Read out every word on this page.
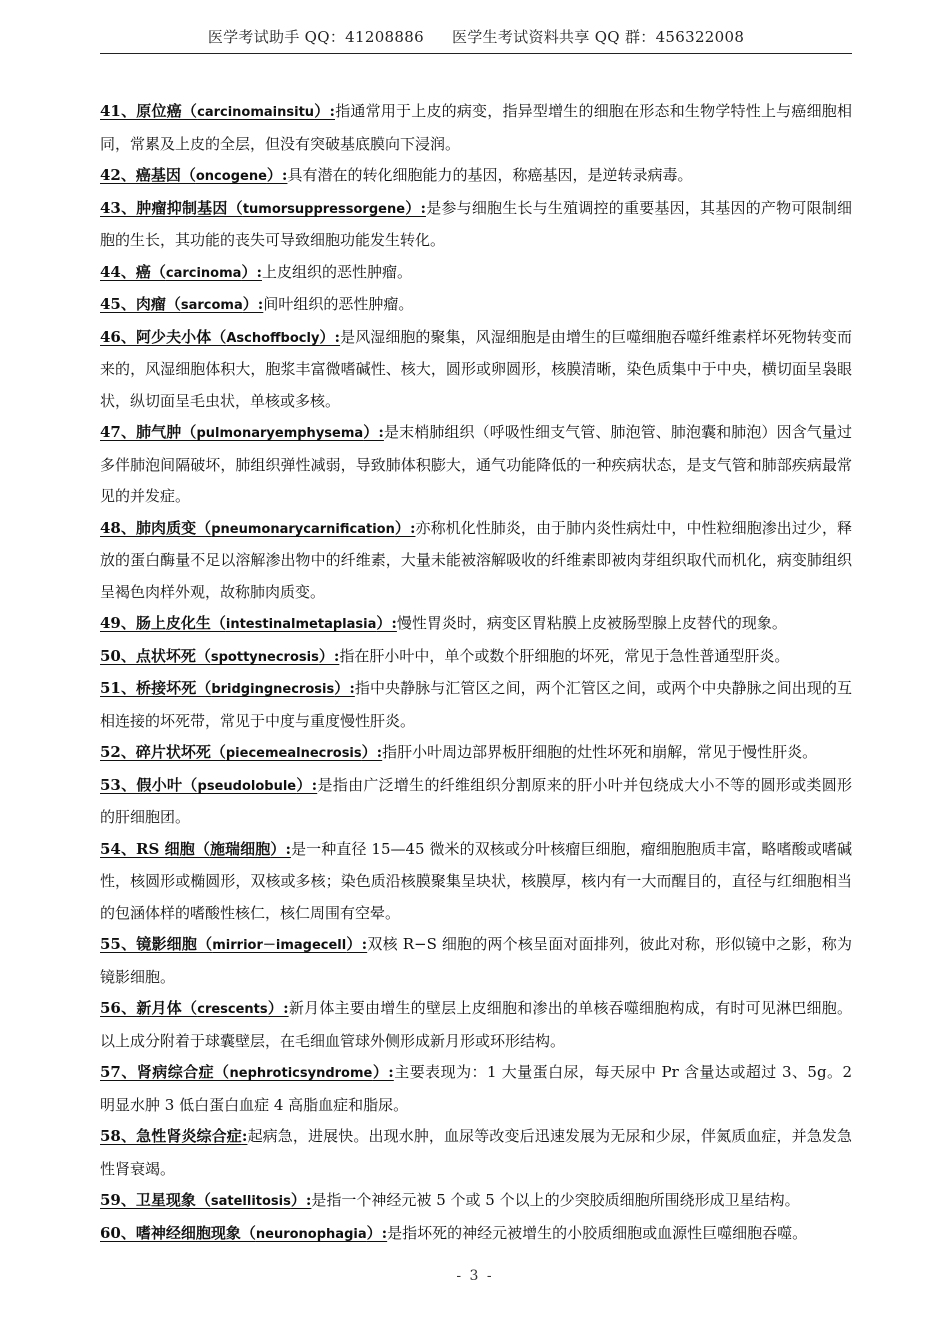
医学考试助手 QQ：41208886 医学生考试资料共享 QQ 群：456322008

41、原位癌（carcinomainsitu）:指通常用于上皮的病变，指异型增生的细胞在形态和生物学特性上与癌细胞相同，常累及上皮的全层，但没有突破基底膜向下浸润。

42、癌基因（oncogene）:具有潜在的转化细胞能力的基因，称癌基因，是逆转录病毒。

43、肿瘤抑制基因（tumorsuppressorgene）:是参与细胞生长与生殖调控的重要基因，其基因的产物可限制细胞的生长，其功能的丧失可导致细胞功能发生转化。

44、癌（carcinoma）:上皮组织的恶性肿瘤。

45、肉瘤（sarcoma）:间叶组织的恶性肿瘤。

46、阿少夫小体（Aschoffbocly）:是风湿细胞的聚集，风湿细胞是由增生的巨噬细胞吞噬纤维素样坏死物转变而来的，风湿细胞体积大，胞浆丰富微嗜碱性、核大，圆形或卵圆形，核膜清晰，染色质集中于中央，横切面呈袅眼状，纵切面呈毛虫状，单核或多核。

47、肺气肿（pulmonaryemphysema）:是末梢肺组织（呼吸性细支气管、肺泡管、肺泡囊和肺泡）因含气量过多伴肺泡间隔破坏，肺组织弹性减弱，导致肺体积膨大，通气功能降低的一种疾病状态，是支气管和肺部疾病最常见的并发症。

48、肺肉质变（pneumonarycarnification）:亦称机化性肺炎，由于肺内炎性病灶中，中性粒细胞渗出过少，释放的蛋白酶量不足以溶解渗出物中的纤维素，大量未能被溶解吸收的纤维素即被肉芽组织取代而机化，病变肺组织呈褐色肉样外观，故称肺肉质变。

49、肠上皮化生（intestinalmetaplasia）:慢性胃炎时，病变区胃粘膜上皮被肠型腺上皮替代的现象。

50、点状坏死（spottynecrosis）:指在肝小叶中，单个或数个肝细胞的坏死，常见于急性普通型肝炎。

51、桥接坏死（bridgingnecrosis）:指中央静脉与汇管区之间，两个汇管区之间，或两个中央静脉之间出现的互相连接的坏死带，常见于中度与重度慢性肝炎。

52、碎片状坏死（piecemealnecrosis）:指肝小叶周边部界板肝细胞的灶性坏死和崩解，常见于慢性肝炎。

53、假小叶（pseudolobule）:是指由广泛增生的纤维组织分割原来的肝小叶并包绕成大小不等的圆形或类圆形的肝细胞团。

54、RS 细胞（施瑞细胞）:是一种直径 15—45 微米的双核或分叶核瘤巨细胞，瘤细胞胞质丰富，略嗜酸或嗜碱性，核圆形或椭圆形，双核或多核；染色质沿核膜聚集呈块状，核膜厚，核内有一大而醒目的，直径与红细胞相当的包涵体样的嗜酸性核仁，核仁周围有空晕。

55、镜影细胞（mirrior－imagecell）:双核 R−S 细胞的两个核呈面对面排列，彼此对称，形似镜中之影，称为镜影细胞。

56、新月体（crescents）:新月体主要由增生的壁层上皮细胞和渗出的单核吞噬细胞构成，有时可见淋巴细胞。以上成分附着于球囊壁层，在毛细血管球外侧形成新月形或环形结构。

57、肾病综合症（nephroticsyndrome）:主要表现为：1 大量蛋白尿，每天尿中 Pr 含量达或超过 3、5g。2 明显水肿 3 低白蛋白血症 4 高脂血症和脂尿。

58、急性肾炎综合症:起病急，进展快。出现水肿，血尿等改变后迅速发展为无尿和少尿，伴氮质血症，并急发急性肾衰竭。

59、卫星现象（satellitosis）:是指一个神经元被 5 个或 5 个以上的少突胶质细胞所围绕形成卫星结构。

60、嗜神经细胞现象（neuronophagia）:是指坏死的神经元被增生的小胶质细胞或血源性巨噬细胞吞噬。

- 3 -
